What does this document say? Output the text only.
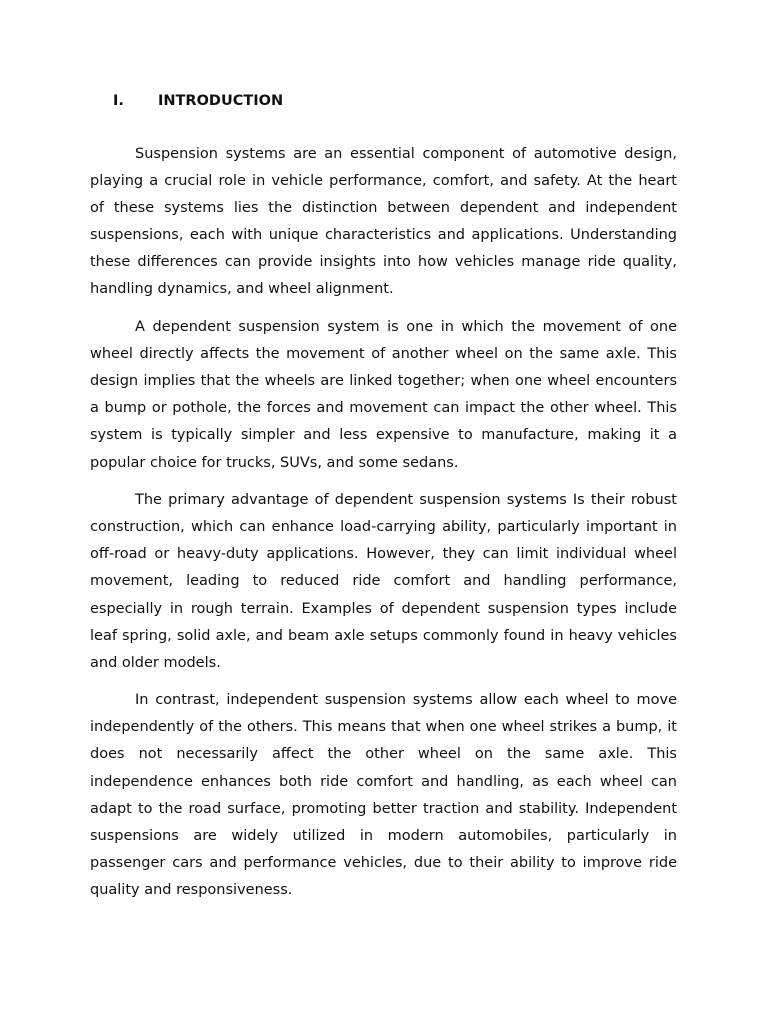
I. INTRODUCTION

Suspension systems are an essential component of automotive design, playing a crucial role in vehicle performance, comfort, and safety. At the heart of these systems lies the distinction between dependent and independent suspensions, each with unique characteristics and applications. Understanding these differences can provide insights into how vehicles manage ride quality, handling dynamics, and wheel alignment.

A dependent suspension system is one in which the movement of one wheel directly affects the movement of another wheel on the same axle. This design implies that the wheels are linked together; when one wheel encounters a bump or pothole, the forces and movement can impact the other wheel. This system is typically simpler and less expensive to manufacture, making it a popular choice for trucks, SUVs, and some sedans.

The primary advantage of dependent suspension systems Is their robust construction, which can enhance load-carrying ability, particularly important in off-road or heavy-duty applications. However, they can limit individual wheel movement, leading to reduced ride comfort and handling performance, especially in rough terrain. Examples of dependent suspension types include leaf spring, solid axle, and beam axle setups commonly found in heavy vehicles and older models.

In contrast, independent suspension systems allow each wheel to move independently of the others. This means that when one wheel strikes a bump, it does not necessarily affect the other wheel on the same axle. This independence enhances both ride comfort and handling, as each wheel can adapt to the road surface, promoting better traction and stability. Independent suspensions are widely utilized in modern automobiles, particularly in passenger cars and performance vehicles, due to their ability to improve ride quality and responsiveness.
